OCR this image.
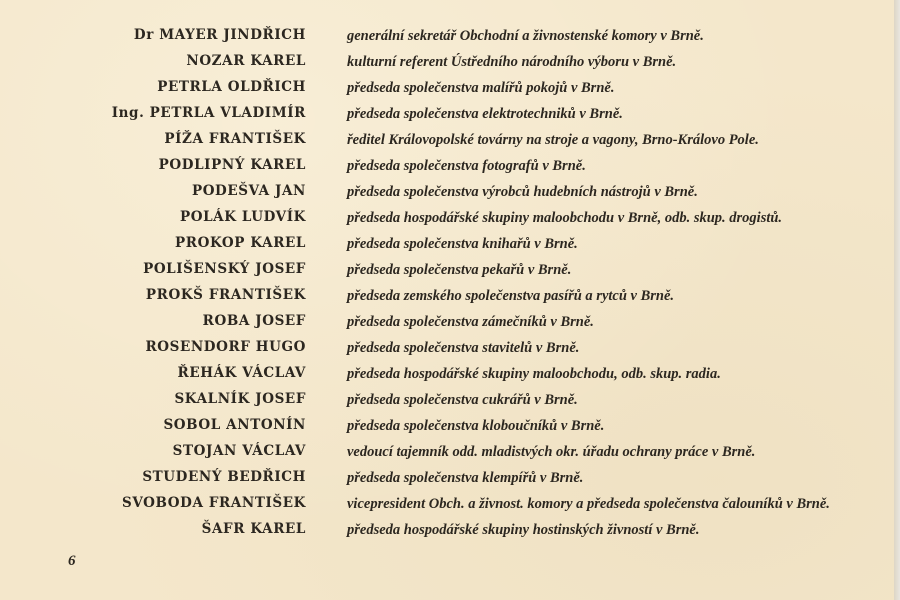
Dr MAYER JINDŘICH	generální sekretář Obchodní a živnostenské komory v Brně.
NOZAR KAREL	kulturní referent Ústředního národního výboru v Brně.
PETRLA OLDŘICH	předseda společenstva malířů pokojů v Brně.
Ing. PETRLA VLADIMÍR	předseda společenstva elektrotechniků v Brně.
PÍŽA FRANTIŠEK	ředitel Královopolské továrny na stroje a vagony, Brno-Královo Pole.
PODLIPNÝ KAREL	předseda společenstva fotografů v Brně.
PODEŠVA JAN	předseda společenstva výrobců hudebních nástrojů v Brně.
POLÁK LUDVÍK	předseda hospodářské skupiny maloobchodu v Brně, odb. skup. drogistů.
PROKOP KAREL	předseda společenstva knihařů v Brně.
POLIŠENSKÝ JOSEF	předseda společenstva pekařů v Brně.
PROKŠ FRANTIŠEK	předseda zemského společenstva pasířů a rytců v Brně.
ROBA JOSEF	předseda společenstva zámečníků v Brně.
ROSENDORF HUGO	předseda společenstva stavitelů v Brně.
ŘEHÁK VÁCLAV	předseda hospodářské skupiny maloobchodu, odb. skup. radia.
SKALNÍK JOSEF	předseda společenstva cukrářů v Brně.
SOBOL ANTONÍN	předseda společenstva kloboučníků v Brně.
STOJAN VÁCLAV	vedoucí tajemník odd. mladistvých okr. úřadu ochrany práce v Brně.
STUDENÝ BEDŘICH	předseda společenstva klempířů v Brně.
SVOBODA FRANTIŠEK	vicepresident Obch. a živnost. komory a předseda společenstva čalouníků v Brně.
ŠAFR KAREL	předseda hospodářské skupiny hostinských živností v Brně.
6
